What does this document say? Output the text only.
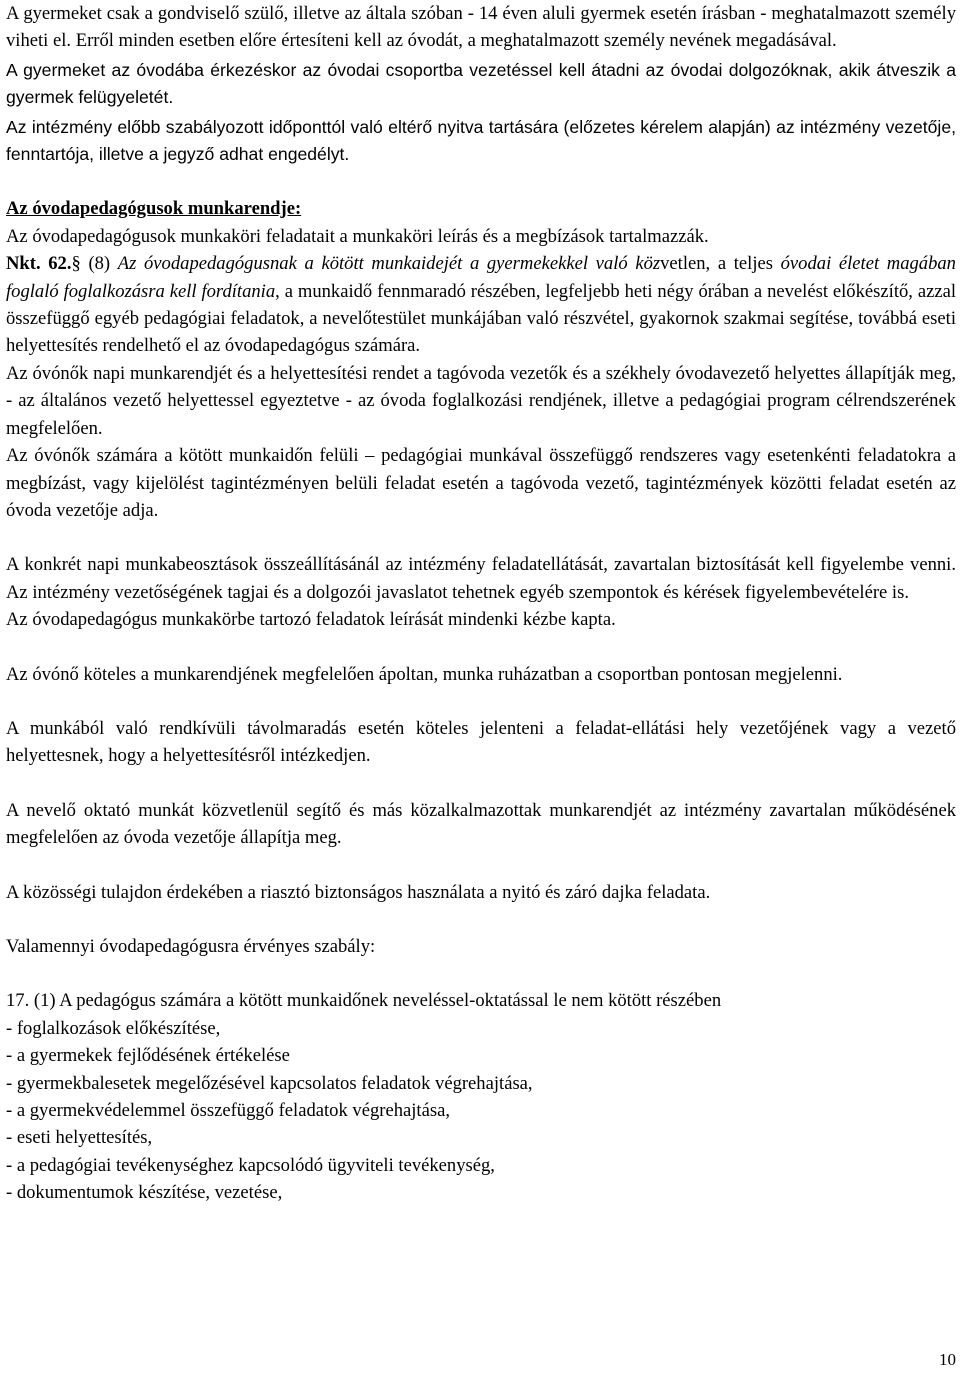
A gyermeket csak a gondviselő szülő, illetve az általa szóban - 14 éven aluli gyermek esetén írásban - meghatalmazott személy viheti el. Erről minden esetben előre értesíteni kell az óvodát, a meghatalmazott személy nevének megadásával.

A gyermeket az óvodába érkezéskor az óvodai csoportba vezetéssel kell átadni az óvodai dolgozóknak, akik átveszik a gyermek felügyeletét.

Az intézmény előbb szabályozott időponttól való eltérő nyitva tartására (előzetes kérelem alapján) az intézmény vezetője, fenntartója, illetve a jegyző adhat engedélyt.

Az óvodapedagógusok munkarendje:

Az óvodapedagógusok munkaköri feladatait a munkaköri leírás és a megbízások tartalmazzák.

Nkt. 62.§ (8) Az óvodapedagógusnak a kötött munkaidejét a gyermekekkel való közvetlen, a teljes óvodai életet magában foglaló foglalkozásra kell fordítania, a munkaidő fennmaradó részében, legfeljebb heti négy órában a nevelést előkészítő, azzal összefüggő egyéb pedagógiai feladatok, a nevelőtestület munkájában való részvétel, gyakornok szakmai segítése, továbbá eseti helyettesítés rendelhető el az óvodapedagógus számára.

Az óvónők napi munkarendjét és a helyettesítési rendet a tagóvoda vezetők és a székhely óvodavezető helyettes állapítják meg, - az általános vezető helyettessel egyeztetve - az óvoda foglalkozási rendjének, illetve a pedagógiai program célrendszerének megfelelően.

Az óvónők számára a kötött munkaidőn felüli – pedagógiai munkával összefüggő rendszeres vagy esetenkénti feladatokra a megbízást, vagy kijelölést tagintézményen belüli feladat esetén a tagóvoda vezető, tagintézmények közötti feladat esetén az óvoda vezetője adja.

A konkrét napi munkabeosztások összeállításánál az intézmény feladatellátását, zavartalan biztosítását kell figyelembe venni. Az intézmény vezetőségének tagjai és a dolgozói javaslatot tehetnek egyéb szempontok és kérések figyelembevételére is.

Az óvodapedagógus munkakörbe tartozó feladatok leírását mindenki kézbe kapta.

Az óvónő köteles a munkarendjének megfelelően ápoltan, munka ruházatban a csoportban pontosan megjelenni.

A munkából való rendkívüli távolmaradás esetén köteles jelenteni a feladat-ellátási hely vezetőjének vagy a vezető helyettesnek, hogy a helyettesítésről intézkedjen.

A nevelő oktató munkát közvetlenül segítő és más közalkalmazottak munkarendjét az intézmény zavartalan működésének megfelelően az óvoda vezetője állapítja meg.

A közösségi tulajdon érdekében a riasztó biztonságos használata a nyitó és záró dajka feladata.

Valamennyi óvodapedagógusra érvényes szabály:

17. (1) A pedagógus számára a kötött munkaidőnek neveléssel-oktatással le nem kötött részében

- foglalkozások előkészítése,

- a gyermekek fejlődésének értékelése

- gyermekbalesetek megelőzésével kapcsolatos feladatok végrehajtása,

- a gyermekvédelemmel összefüggő feladatok végrehajtása,

- eseti helyettesítés,

- a pedagógiai tevékenységhez kapcsolódó ügyviteli tevékenység,

- dokumentumok készítése, vezetése,

10
